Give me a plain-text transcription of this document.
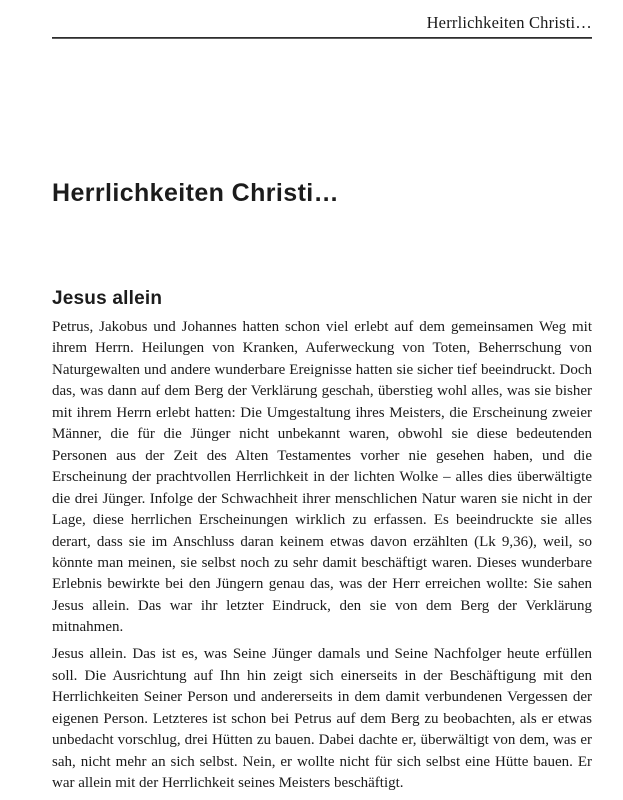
Herrlichkeiten Christi…
Herrlichkeiten Christi…
Jesus allein

Petrus, Jakobus und Johannes hatten schon viel erlebt auf dem gemeinsamen Weg mit ihrem Herrn. Heilungen von Kranken, Auferweckung von Toten, Beherrschung von Naturgewalten und andere wunderbare Ereignisse hatten sie sicher tief beeindruckt. Doch das, was dann auf dem Berg der Verklärung geschah, überstieg wohl alles, was sie bisher mit ihrem Herrn erlebt hatten: Die Umgestaltung ihres Meisters, die Erscheinung zweier Männer, die für die Jünger nicht unbekannt waren, obwohl sie diese bedeutenden Personen aus der Zeit des Alten Testamentes vorher nie gesehen haben, und die Erscheinung der prachtvollen Herrlichkeit in der lichten Wolke – alles dies überwältigte die drei Jünger. Infolge der Schwachheit ihrer menschlichen Natur waren sie nicht in der Lage, diese herrlichen Erscheinungen wirklich zu erfassen. Es beeindruckte sie alles derart, dass sie im Anschluss daran keinem etwas davon erzählten (Lk 9,36), weil, so könnte man meinen, sie selbst noch zu sehr damit beschäftigt waren. Dieses wunderbare Erlebnis bewirkte bei den Jüngern genau das, was der Herr erreichen wollte: Sie sahen Jesus allein. Das war ihr letzter Eindruck, den sie von dem Berg der Verklärung mitnahmen.

Jesus allein. Das ist es, was Seine Jünger damals und Seine Nachfolger heute erfüllen soll. Die Ausrichtung auf Ihn hin zeigt sich einerseits in der Beschäftigung mit den Herrlichkeiten Seiner Person und andererseits in dem damit verbundenen Vergessen der eigenen Person. Letzteres ist schon bei Petrus auf dem Berg zu beobachten, als er etwas unbedacht vorschlug, drei Hütten zu bauen. Dabei dachte er, überwältigt von dem, was er sah, nicht mehr an sich selbst. Nein, er wollte nicht für sich selbst eine Hütte bauen. Er war allein mit der Herrlichkeit seines Meisters beschäftigt.
